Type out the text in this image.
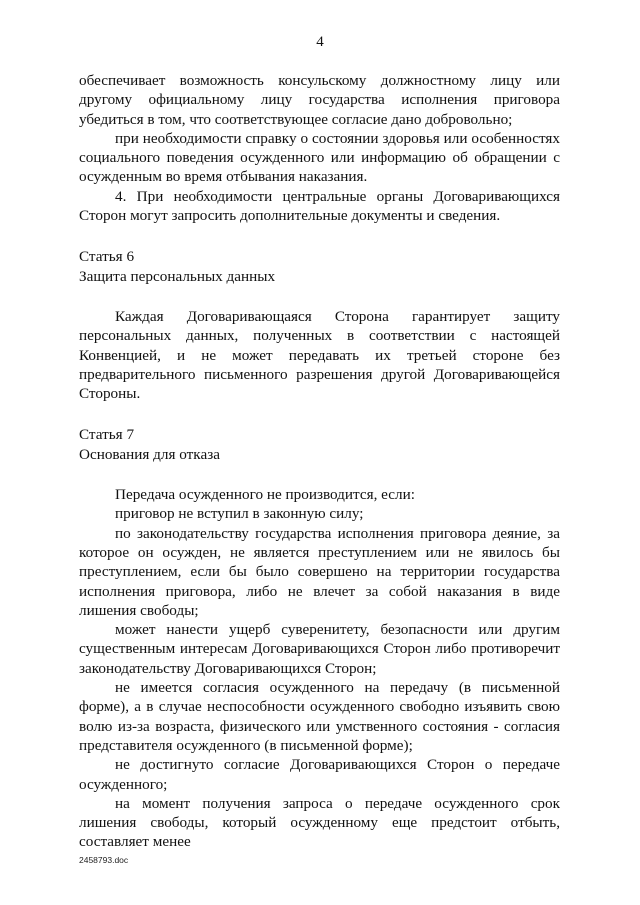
4

обеспечивает возможность консульскому должностному лицу или другому официальному лицу государства исполнения приговора убедиться в том, что соответствующее согласие дано добровольно;

при необходимости справку о состоянии здоровья или особенностях социального поведения осужденного или информацию об обращении с осужденным во время отбывания наказания.

4. При необходимости центральные органы Договаривающихся Сторон могут запросить дополнительные документы и сведения.

Статья 6

Защита персональных данных

Каждая Договаривающаяся Сторона гарантирует защиту персональных данных, полученных в соответствии с настоящей Конвенцией, и не может передавать их третьей стороне без предварительного письменного разрешения другой Договаривающейся Стороны.

Статья 7

Основания для отказа

Передача осужденного не производится, если:

приговор не вступил в законную силу;

по законодательству государства исполнения приговора деяние, за которое он осужден, не является преступлением или не явилось бы преступлением, если бы было совершено на территории государства исполнения приговора, либо не влечет за собой наказания в виде лишения свободы;

может нанести ущерб суверенитету, безопасности или другим существенным интересам Договаривающихся Сторон либо противоречит законодательству Договаривающихся Сторон;

не имеется согласия осужденного на передачу (в письменной форме), а в случае неспособности осужденного свободно изъявить свою волю из-за возраста, физического или умственного состояния - согласия представителя осужденного (в письменной форме);

не достигнуто согласие Договаривающихся Сторон о передаче осужденного;

на момент получения запроса о передаче осужденного срок лишения свободы, который осужденному еще предстоит отбыть, составляет менее

2458793.doc
